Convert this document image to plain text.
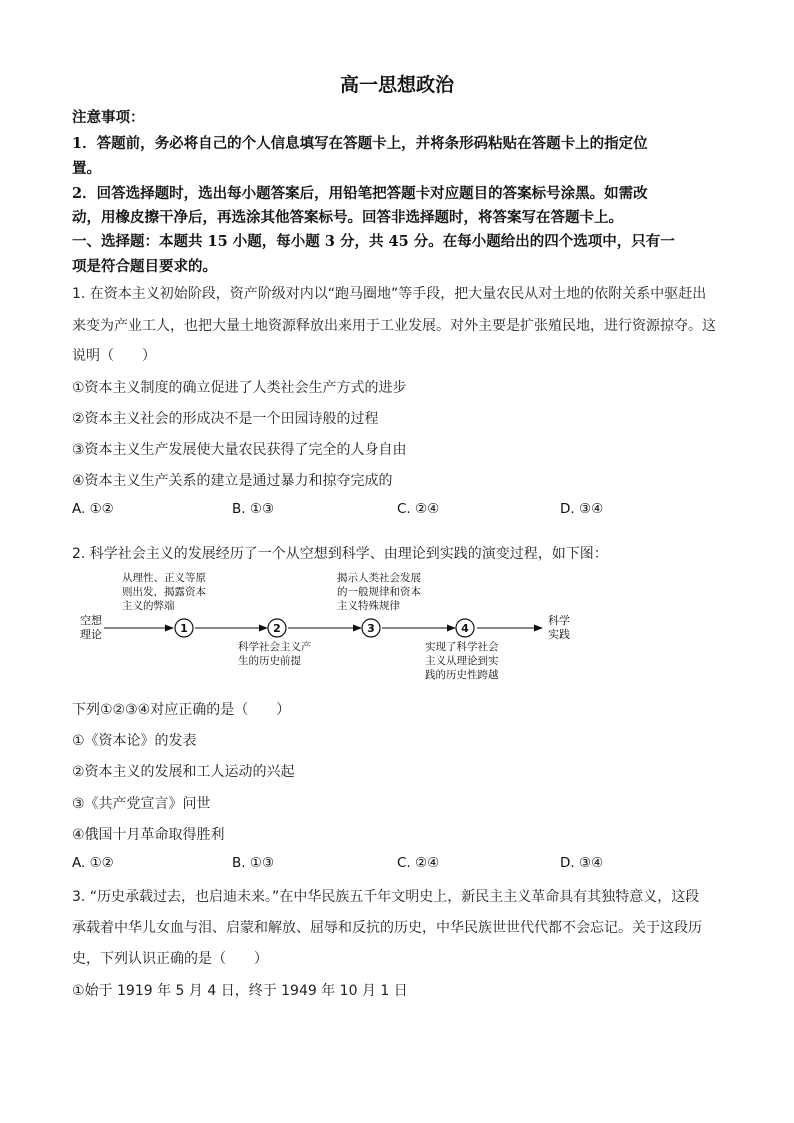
高一思想政治
注意事项：
1．答题前，务必将自己的个人信息填写在答题卡上，并将条形码粘贴在答题卡上的指定位
置。
2．回答选择题时，选出每小题答案后，用铅笔把答题卡对应题目的答案标号涂黑。如需改
动，用橡皮擦干净后，再选涂其他答案标号。回答非选择题时，将答案写在答题卡上。
一、选择题：本题共 15 小题，每小题 3 分，共 45 分。在每小题给出的四个选项中，只有一
项是符合题目要求的。
1. 在资本主义初始阶段，资产阶级对内以“跑马圈地”等手段，把大量农民从对土地的依附关系中驱赶出
来变为产业工人，也把大量土地资源释放出来用于工业发展。对外主要是扩张殖民地，进行资源掠夺。这
说明（　　）
①资本主义制度的确立促进了人类社会生产方式的进步
②资本主义社会的形成决不是一个田园诗般的过程
③资本主义生产发展使大量农民获得了完全的人身自由
④资本主义生产关系的建立是通过暴力和掠夺完成的
A. ①②	B. ①③	C. ②④	D. ③④
2. 科学社会主义的发展经历了一个从空想到科学、由理论到实践的演变过程，如下图：
空想
理论	1	2	3	4
科学
实践
从理性、正义等原
则出发，揭露资本
主义的弊端
揭示人类社会发展
的一般规律和资本
主义特殊规律
科学社会主义产
生的历史前提
实现了科学社会
主义从理论到实
践的历史性跨越
下列①②③④对应正确的是（　　）
①《资本论》的发表
②资本主义的发展和工人运动的兴起
③《共产党宣言》问世
④俄国十月革命取得胜利
A. ①②	B. ①③	C. ②④	D. ③④
3. “历史承载过去，也启迪未来。”在中华民族五千年文明史上，新民主主义革命具有其独特意义，这段
承载着中华儿女血与泪、启蒙和解放、屈辱和反抗的历史，中华民族世世代代都不会忘记。关于这段历
史，下列认识正确的是（　　）
①始于 1919 年 5 月 4 日，终于 1949 年 10 月 1 日
